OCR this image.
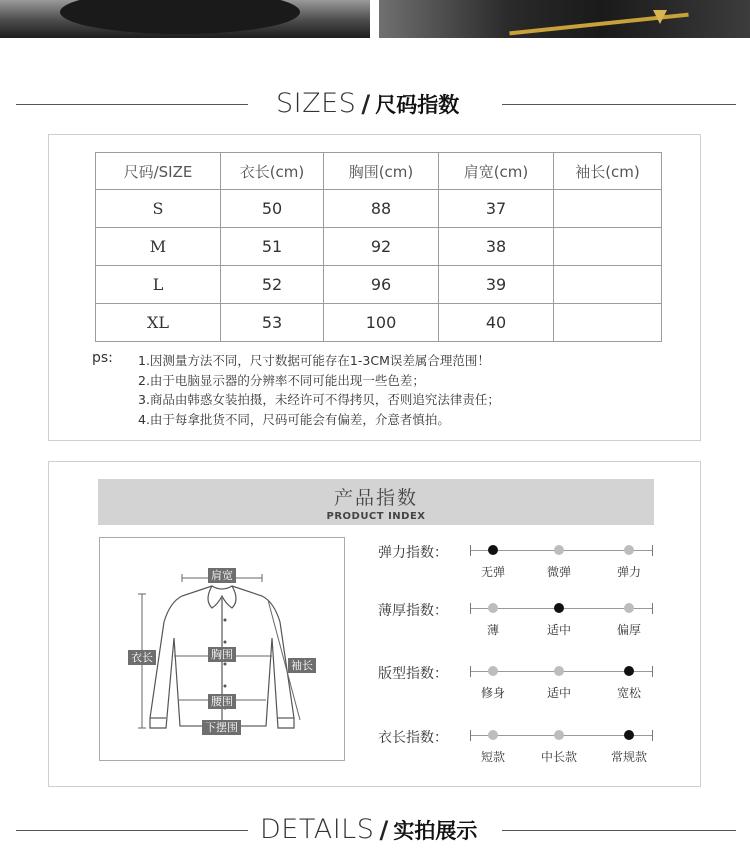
SIZES / 尺码指数
尺码/SIZE	衣长(cm)	胸围(cm)	肩宽(cm)	袖长(cm)
S	50	88	37	
M	51	92	38	
L	52	96	39	
XL	53	100	40	
ps: 1.因测量方法不同，尺寸数据可能存在1-3CM误差属合理范围！
2.由于电脑显示器的分辨率不同可能出现一些色差；
3.商品由韩惑女装拍摄，未经许可不得拷贝，否则追究法律责任；
4.由于每拿批货不同，尺码可能会有偏差，介意者慎拍。
产品指数
PRODUCT INDEX
肩宽
衣长	胸围
袖长
腰围
下摆围
弹力指数：
无弹	微弹	弹力
薄厚指数：
薄	适中	偏厚
版型指数：
修身	适中	宽松
衣长指数：
短款	中长款	常规款
DETAILS / 实拍展示
